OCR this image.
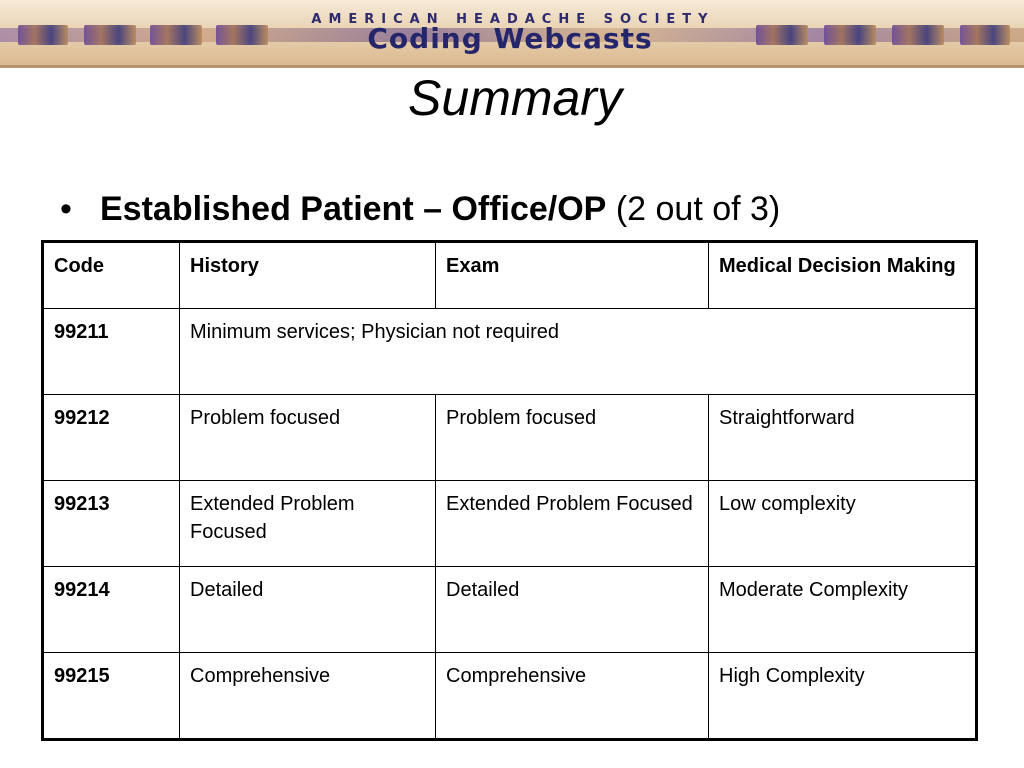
AMERICAN HEADACHE SOCIETY
Coding Webcasts
Summary
• Established Patient – Office/OP (2 out of 3)
Code	History	Exam	Medical Decision Making
99211	Minimum services; Physician not required		
99212	Problem focused	Problem focused	Straightforward
99213	Extended Problem Focused	Extended Problem Focused	Low complexity
99214	Detailed	Detailed	Moderate Complexity
99215	Comprehensive	Comprehensive	High Complexity
